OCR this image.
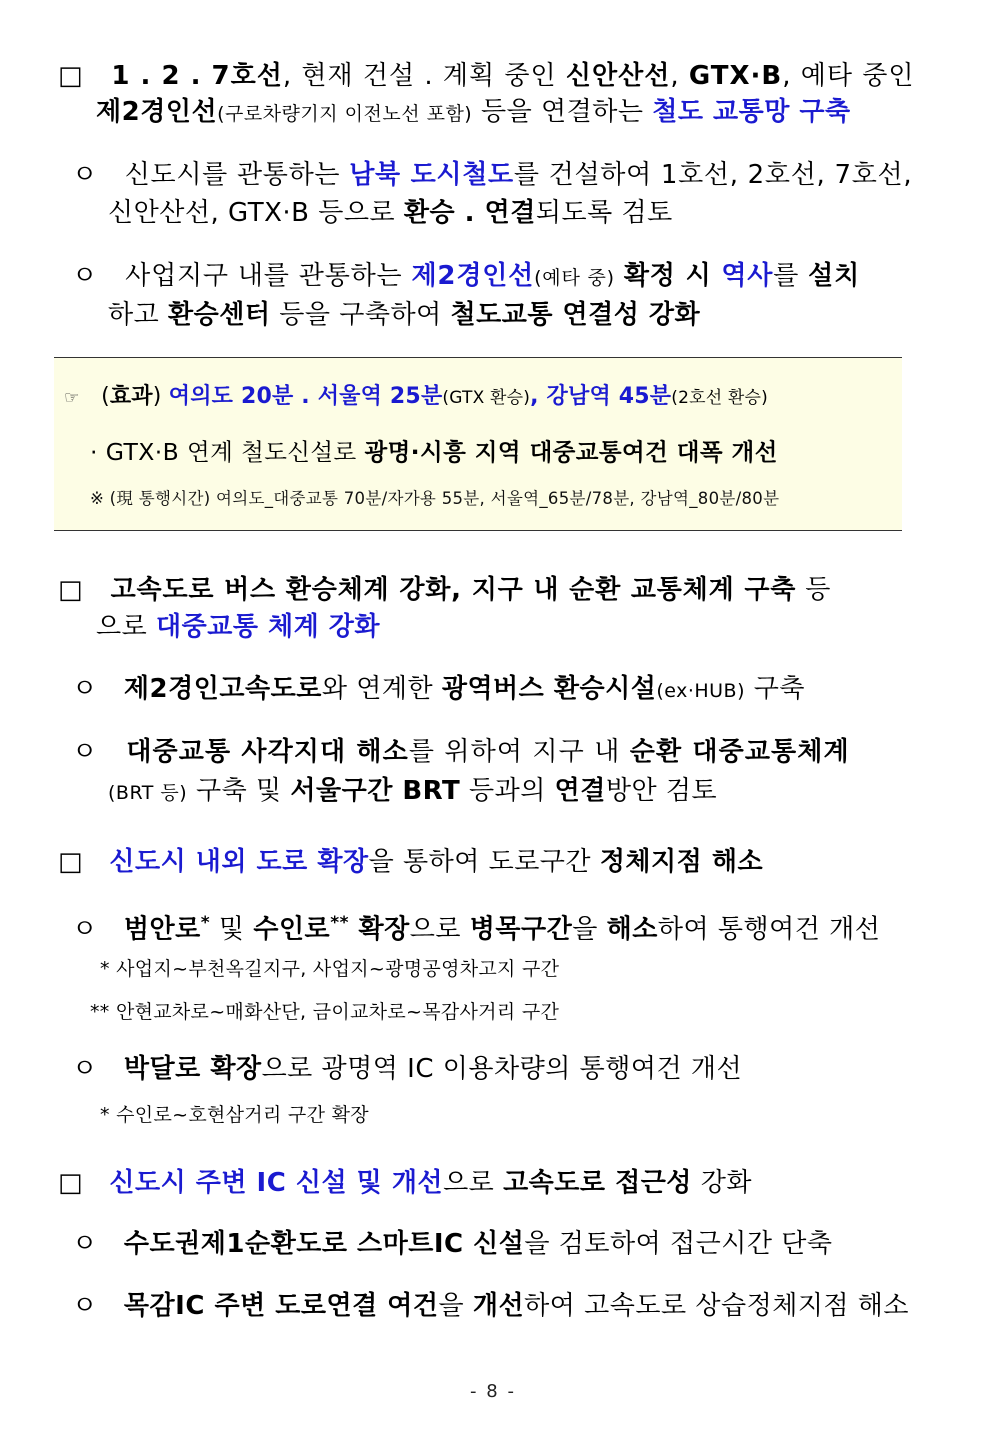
□ 1 . 2 . 7호선, 현재 건설 . 계획 중인 신안산선, GTX·B, 예타 중인
제2경인선(구로차량기지 이전노선 포함) 등을 연결하는 철도 교통망 구축
ㅇ 신도시를 관통하는 남북 도시철도를 건설하여 1호선, 2호선, 7호선,
신안산선, GTX·B 등으로 환승 . 연결되도록 검토
ㅇ 사업지구 내를 관통하는 제2경인선(예타 중) 확정 시 역사를 설치
하고 환승센터 등을 구축하여 철도교통 연결성 강화
☞ (효과) 여의도 20분 . 서울역 25분(GTX 환승), 강남역 45분(2호선 환승)
· GTX·B 연계 철도신설로 광명·시흥 지역 대중교통여건 대폭 개선
※ (現 통행시간) 여의도_대중교통 70분/자가용 55분, 서울역_65분/78분, 강남역_80분/80분
□ 고속도로 버스 환승체계 강화, 지구 내 순환 교통체계 구축 등
으로 대중교통 체계 강화
ㅇ 제2경인고속도로와 연계한 광역버스 환승시설(ex·HUB) 구축
ㅇ 대중교통 사각지대 해소를 위하여 지구 내 순환 대중교통체계
(BRT 등) 구축 및 서울구간 BRT 등과의 연결방안 검토
□ 신도시 내외 도로 확장을 통하여 도로구간 정체지점 해소
ㅇ 범안로* 및 수인로** 확장으로 병목구간을 해소하여 통행여건 개선
* 사업지~부천옥길지구, 사업지~광명공영차고지 구간
** 안현교차로~매화산단, 금이교차로~목감사거리 구간
ㅇ 박달로 확장으로 광명역 IC 이용차량의 통행여건 개선
* 수인로~호현삼거리 구간 확장
□ 신도시 주변 IC 신설 및 개선으로 고속도로 접근성 강화
ㅇ 수도권제1순환도로 스마트IC 신설을 검토하여 접근시간 단축
ㅇ 목감IC 주변 도로연결 여건을 개선하여 고속도로 상습정체지점 해소
- 8 -
